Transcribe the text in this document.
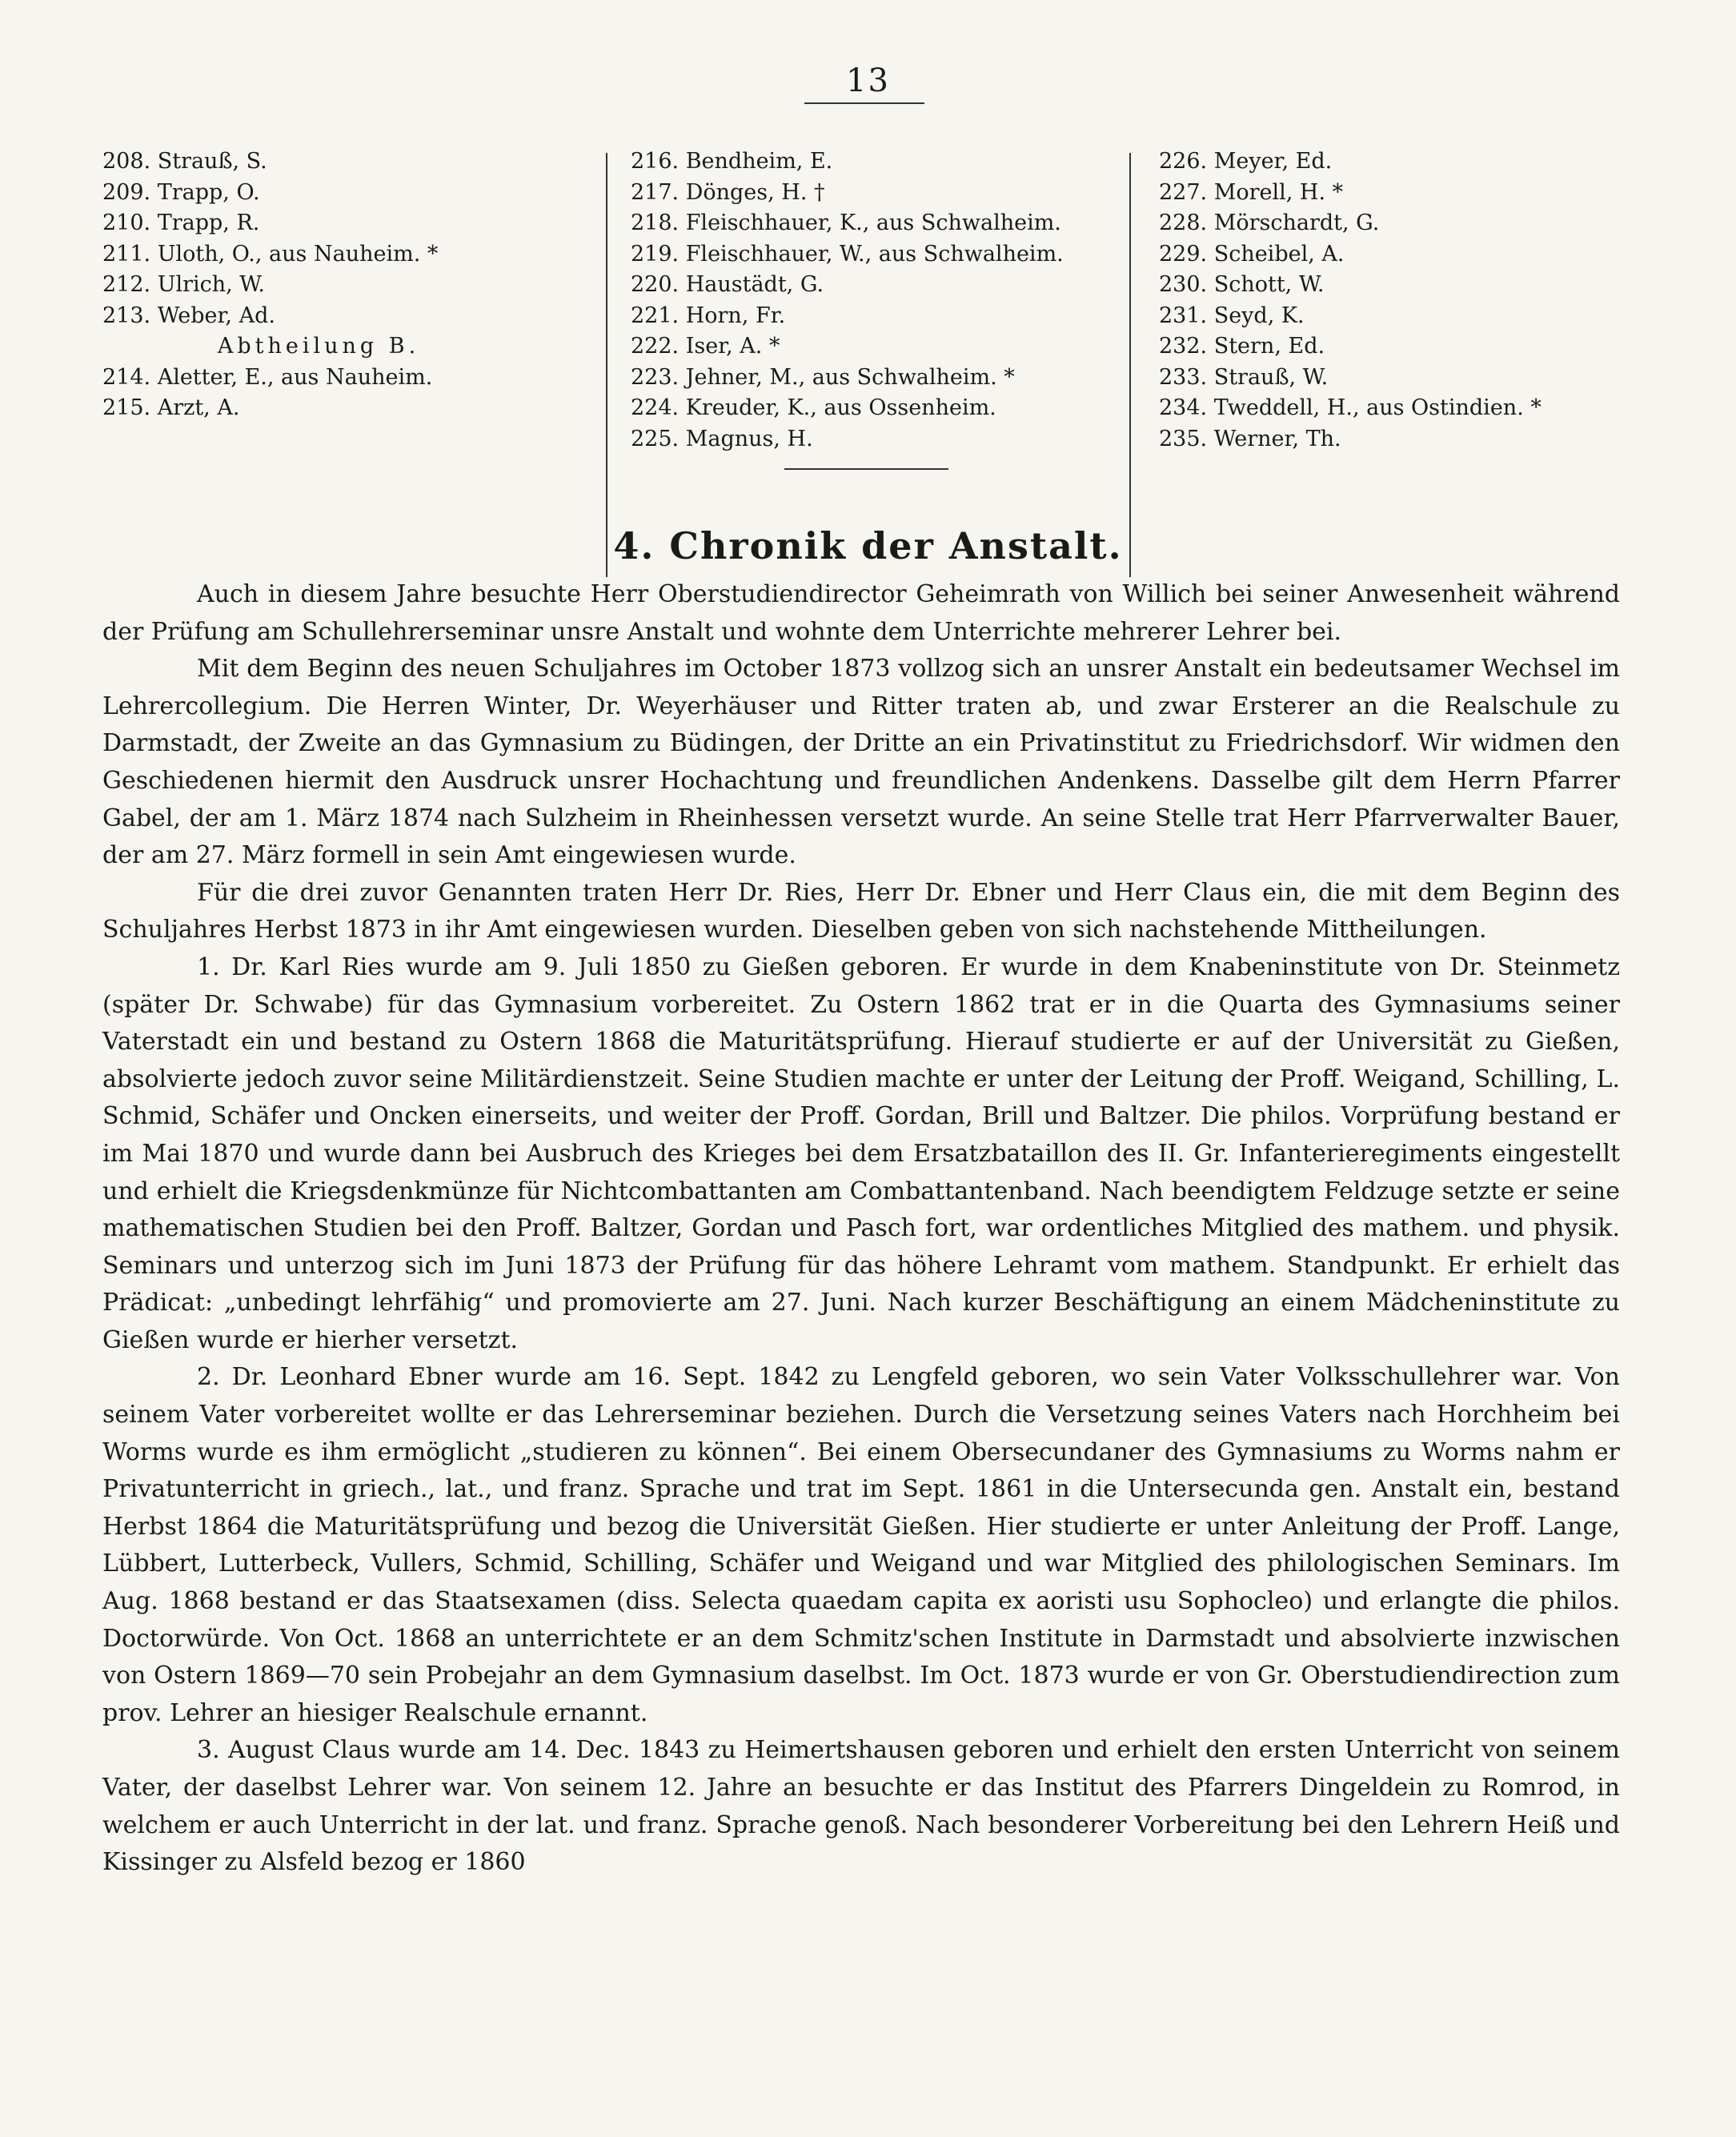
13
208. Strauß, S.
209. Trapp, O.
210. Trapp, R.
211. Uloth, O., aus Nauheim. *
212. Ulrich, W.
213. Weber, Ad.
Abtheilung B.
214. Aletter, E., aus Nauheim.
215. Arzt, A.
216. Bendheim, E.
217. Dönges, H. †
218. Fleischhauer, K., aus Schwalheim.
219. Fleischhauer, W., aus Schwalheim.
220. Haustädt, G.
221. Horn, Fr.
222. Iser, A. *
223. Jehner, M., aus Schwalheim. *
224. Kreuder, K., aus Ossenheim.
225. Magnus, H.
226. Meyer, Ed.
227. Morell, H. *
228. Mörschardt, G.
229. Scheibel, A.
230. Schott, W.
231. Seyd, K.
232. Stern, Ed.
233. Strauß, W.
234. Tweddell, H., aus Ostindien. *
235. Werner, Th.
4. Chronik der Anstalt.

Auch in diesem Jahre besuchte Herr Oberstudiendirector Geheimrath von Willich bei seiner Anwesenheit während der Prüfung am Schullehrerseminar unsre Anstalt und wohnte dem Unterrichte mehrerer Lehrer bei.

Mit dem Beginn des neuen Schuljahres im October 1873 vollzog sich an unsrer Anstalt ein bedeutsamer Wechsel im Lehrercollegium. Die Herren Winter, Dr. Weyerhäuser und Ritter traten ab, und zwar Ersterer an die Realschule zu Darmstadt, der Zweite an das Gymnasium zu Büdingen, der Dritte an ein Privatinstitut zu Friedrichsdorf. Wir widmen den Geschiedenen hiermit den Ausdruck unsrer Hochachtung und freundlichen Andenkens. Dasselbe gilt dem Herrn Pfarrer Gabel, der am 1. März 1874 nach Sulzheim in Rheinhessen versetzt wurde. An seine Stelle trat Herr Pfarrverwalter Bauer, der am 27. März formell in sein Amt eingewiesen wurde.

Für die drei zuvor Genannten traten Herr Dr. Ries, Herr Dr. Ebner und Herr Claus ein, die mit dem Beginn des Schuljahres Herbst 1873 in ihr Amt eingewiesen wurden. Dieselben geben von sich nachstehende Mittheilungen.

1. Dr. Karl Ries wurde am 9. Juli 1850 zu Gießen geboren. Er wurde in dem Knabeninstitute von Dr. Steinmetz (später Dr. Schwabe) für das Gymnasium vorbereitet. Zu Ostern 1862 trat er in die Quarta des Gymnasiums seiner Vaterstadt ein und bestand zu Ostern 1868 die Maturitätsprüfung. Hierauf studierte er auf der Universität zu Gießen, absolvierte jedoch zuvor seine Militärdienstzeit. Seine Studien machte er unter der Leitung der Proff. Weigand, Schilling, L. Schmid, Schäfer und Oncken einerseits, und weiter der Proff. Gordan, Brill und Baltzer. Die philos. Vorprüfung bestand er im Mai 1870 und wurde dann bei Ausbruch des Krieges bei dem Ersatzbataillon des II. Gr. Infanterieregiments eingestellt und erhielt die Kriegsdenkmünze für Nichtcombattanten am Combattantenband. Nach beendigtem Feldzuge setzte er seine mathematischen Studien bei den Proff. Baltzer, Gordan und Pasch fort, war ordentliches Mitglied des mathem. und physik. Seminars und unterzog sich im Juni 1873 der Prüfung für das höhere Lehramt vom mathem. Standpunkt. Er erhielt das Prädicat: „unbedingt lehrfähig“ und promovierte am 27. Juni. Nach kurzer Beschäftigung an einem Mädcheninstitute zu Gießen wurde er hierher versetzt.

2. Dr. Leonhard Ebner wurde am 16. Sept. 1842 zu Lengfeld geboren, wo sein Vater Volksschullehrer war. Von seinem Vater vorbereitet wollte er das Lehrerseminar beziehen. Durch die Versetzung seines Vaters nach Horchheim bei Worms wurde es ihm ermöglicht „studieren zu können“. Bei einem Obersecundaner des Gymnasiums zu Worms nahm er Privatunterricht in griech., lat., und franz. Sprache und trat im Sept. 1861 in die Untersecunda gen. Anstalt ein, bestand Herbst 1864 die Maturitätsprüfung und bezog die Universität Gießen. Hier studierte er unter Anleitung der Proff. Lange, Lübbert, Lutterbeck, Vullers, Schmid, Schilling, Schäfer und Weigand und war Mitglied des philologischen Seminars. Im Aug. 1868 bestand er das Staatsexamen (diss. Selecta quaedam capita ex aoristi usu Sophocleo) und erlangte die philos. Doctorwürde. Von Oct. 1868 an unterrichtete er an dem Schmitz'schen Institute in Darmstadt und absolvierte inzwischen von Ostern 1869—70 sein Probejahr an dem Gymnasium daselbst. Im Oct. 1873 wurde er von Gr. Oberstudiendirection zum prov. Lehrer an hiesiger Realschule ernannt.

3. August Claus wurde am 14. Dec. 1843 zu Heimertshausen geboren und erhielt den ersten Unterricht von seinem Vater, der daselbst Lehrer war. Von seinem 12. Jahre an besuchte er das Institut des Pfarrers Dingeldein zu Romrod, in welchem er auch Unterricht in der lat. und franz. Sprache genoß. Nach besonderer Vorbereitung bei den Lehrern Heiß und Kissinger zu Alsfeld bezog er 1860
